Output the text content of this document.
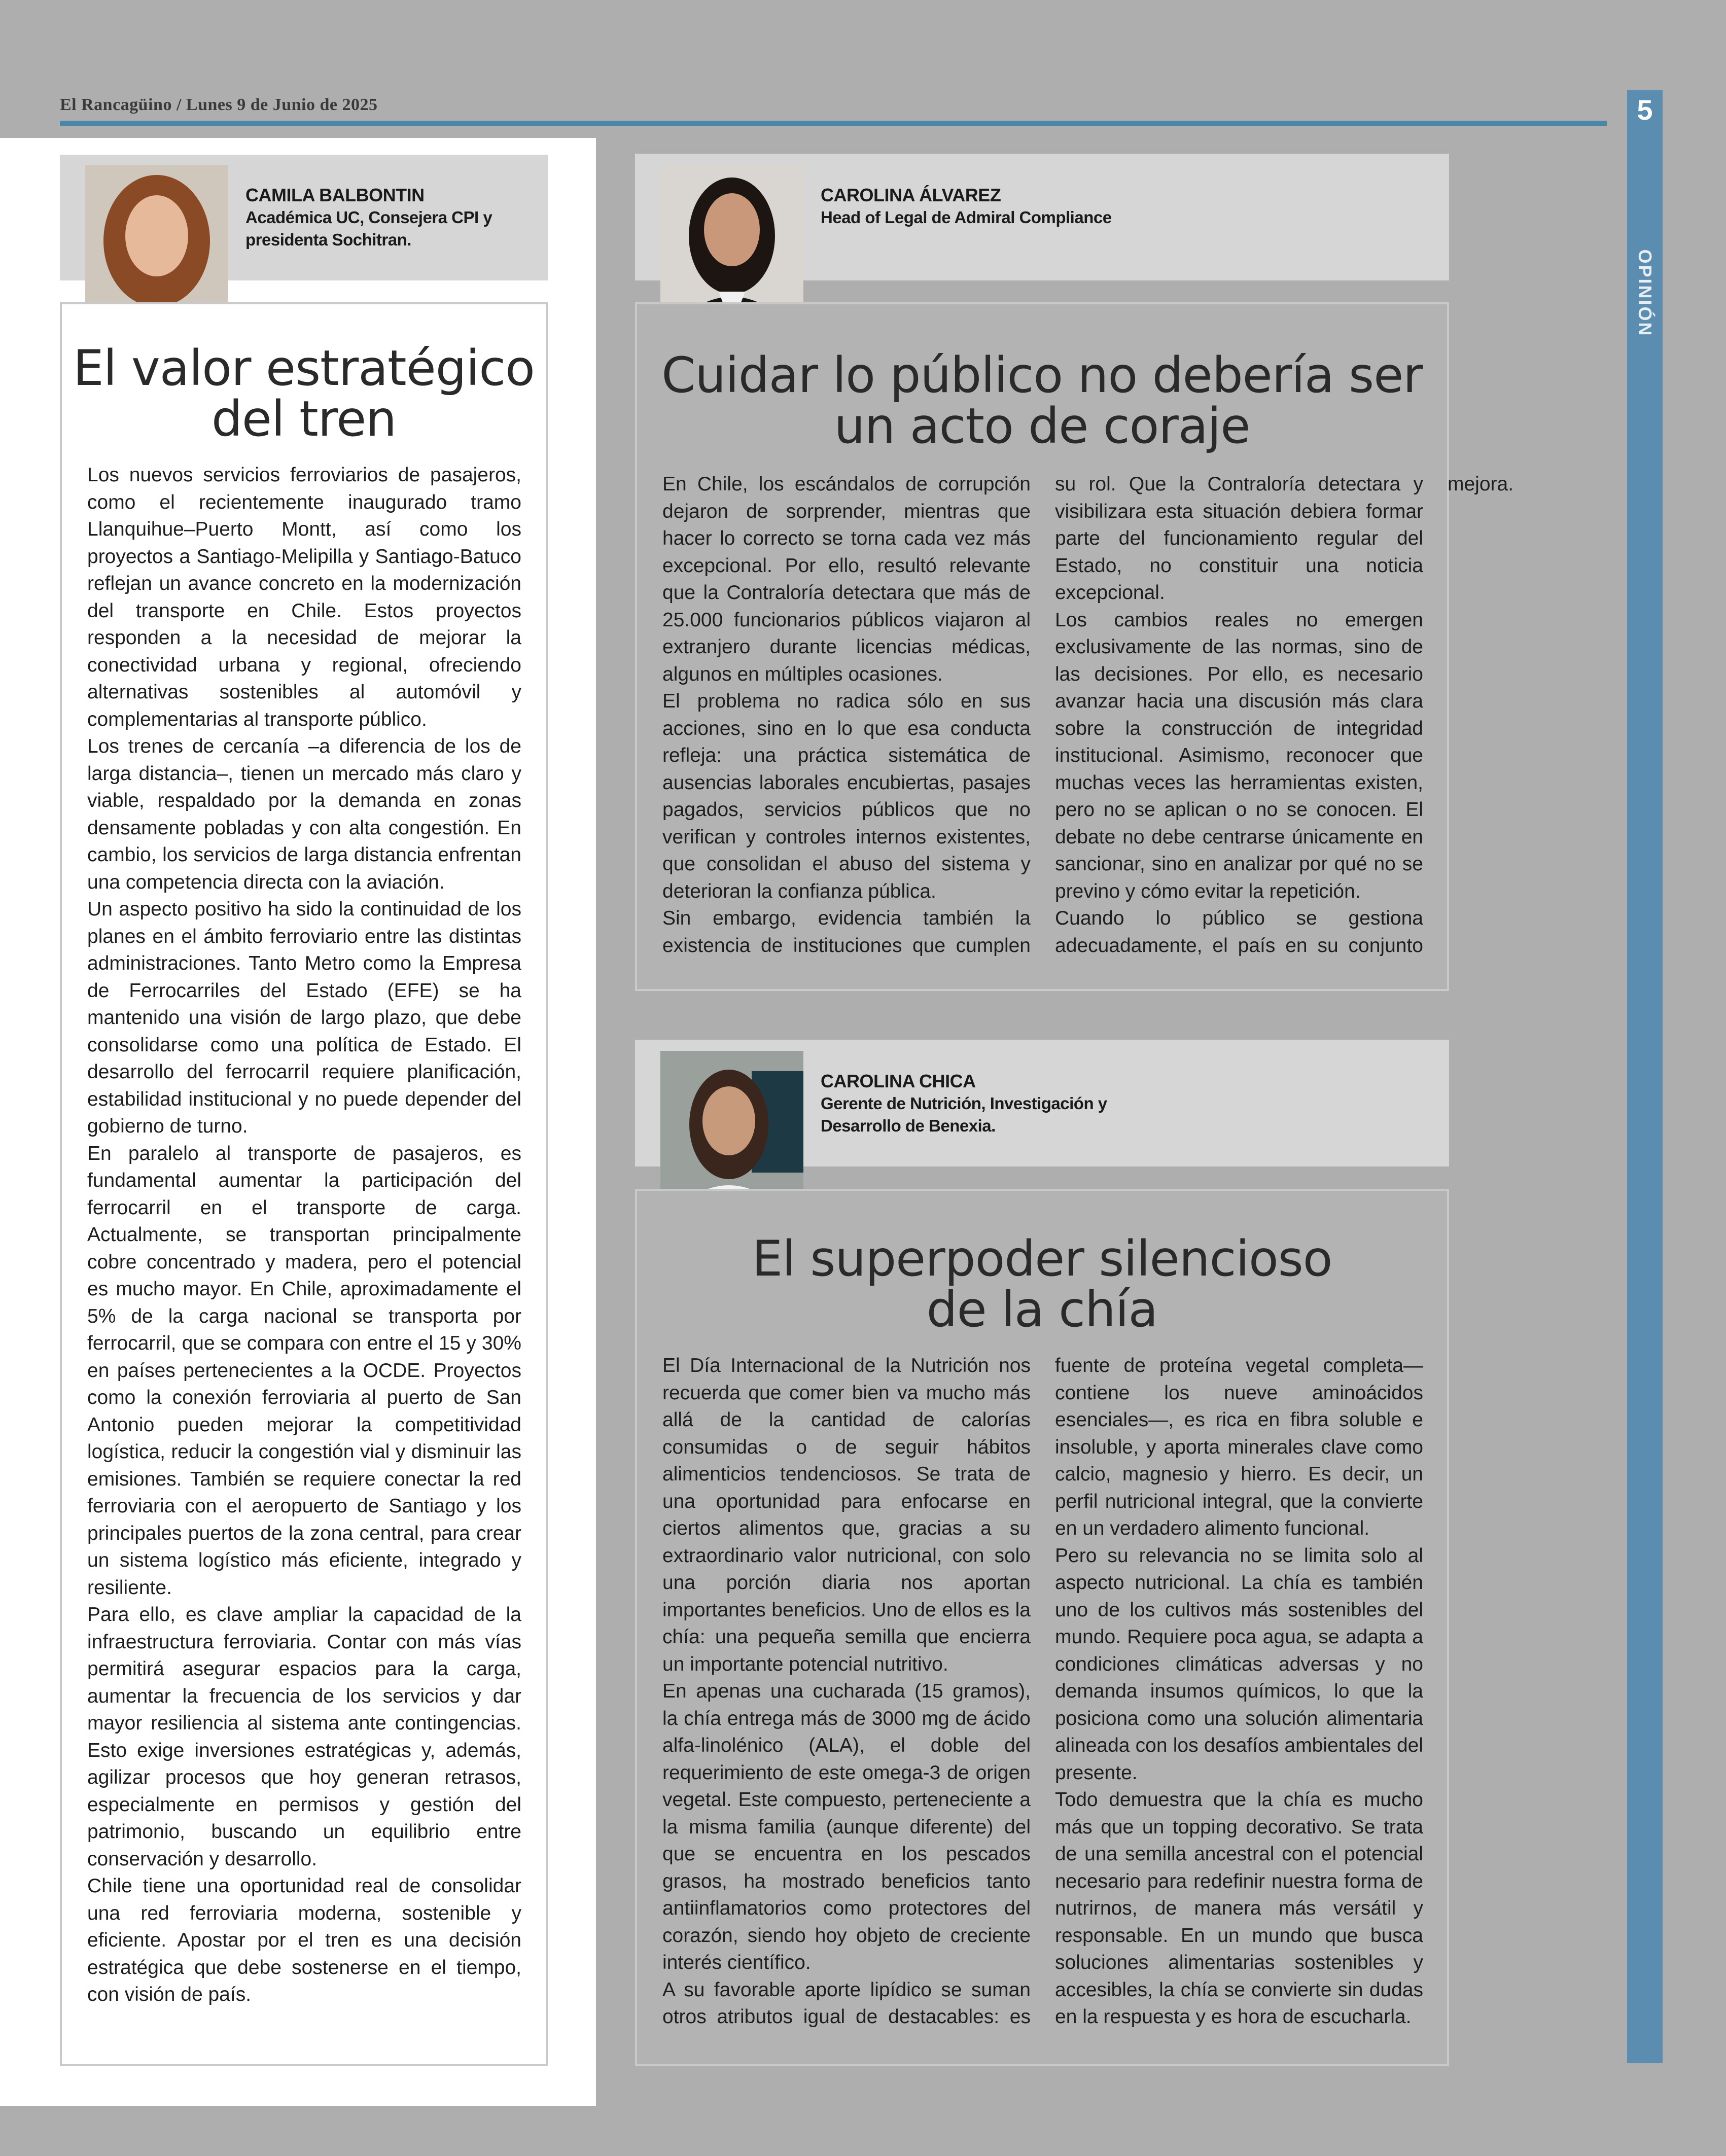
El Rancagüino / Lunes 9 de Junio de 2025	5
OPINIÓN
CAMILA BALBONTIN
Académica UC, Consejera CPI y
presidenta Sochitran.
El valor estratégico
del tren

Los nuevos servicios ferroviarios de pasajeros, como el recientemente inaugurado tramo Llanquihue–Puerto Montt, así como los proyectos a Santiago-Melipilla y Santiago-Batuco reflejan un avance concreto en la modernización del transporte en Chile. Estos proyectos responden a la necesidad de mejorar la conectividad urbana y regional, ofreciendo alternativas sostenibles al automóvil y complementarias al transporte público.

Los trenes de cercanía –a diferencia de los de larga distancia–, tienen un mercado más claro y viable, respaldado por la demanda en zonas densamente pobladas y con alta congestión. En cambio, los servicios de larga distancia enfrentan una competencia directa con la aviación.

Un aspecto positivo ha sido la continuidad de los planes en el ámbito ferroviario entre las distintas administraciones. Tanto Metro como la Empresa de Ferrocarriles del Estado (EFE) se ha mantenido una visión de largo plazo, que debe consolidarse como una política de Estado. El desarrollo del ferrocarril requiere planificación, estabilidad institucional y no puede depender del gobierno de turno.

En paralelo al transporte de pasajeros, es fundamental aumentar la participación del ferrocarril en el transporte de carga. Actualmente, se transportan principalmente cobre concentrado y madera, pero el potencial es mucho mayor. En Chile, aproximadamente el 5% de la carga nacional se transporta por ferrocarril, que se compara con entre el 15 y 30% en países pertenecientes a la OCDE. Proyectos como la conexión ferroviaria al puerto de San Antonio pueden mejorar la competitividad logística, reducir la congestión vial y disminuir las emisiones. También se requiere conectar la red ferroviaria con el aeropuerto de Santiago y los principales puertos de la zona central, para crear un sistema logístico más eficiente, integrado y resiliente.

Para ello, es clave ampliar la capacidad de la infraestructura ferroviaria. Contar con más vías permitirá asegurar espacios para la carga, aumentar la frecuencia de los servicios y dar mayor resiliencia al sistema ante contingencias. Esto exige inversiones estratégicas y, además, agilizar procesos que hoy generan retrasos, especialmente en permisos y gestión del patrimonio, buscando un equilibrio entre conservación y desarrollo.

Chile tiene una oportunidad real de consolidar una red ferroviaria moderna, sostenible y eficiente. Apostar por el tren es una decisión estratégica que debe sostenerse en el tiempo, con visión de país.

CAROLINA ÁLVAREZ
Head of Legal de Admiral Compliance
Cuidar lo público no debería ser
un acto de coraje

En Chile, los escándalos de corrupción dejaron de sorprender, mientras que hacer lo correcto se torna cada vez más excepcional. Por ello, resultó relevante que la Contraloría detectara que más de 25.000 funcionarios públicos viajaron al extranjero durante licencias médicas, algunos en múltiples ocasiones.

El problema no radica sólo en sus acciones, sino en lo que esa conducta refleja: una práctica sistemática de ausencias laborales encubiertas, pasajes pagados, servicios públicos que no verifican y controles internos existentes, que consolidan el abuso del sistema y deterioran la confianza pública.

Sin embargo, evidencia también la existencia de instituciones que cumplen su rol. Que la Contraloría detectara y visibilizara esta situación debiera formar parte del funcionamiento regular del Estado, no constituir una noticia excepcional.

Los cambios reales no emergen exclusivamente de las normas, sino de las decisiones. Por ello, es necesario avanzar hacia una discusión más clara sobre la construcción de integridad institucional. Asimismo, reconocer que muchas veces las herramientas existen, pero no se aplican o no se conocen. El debate no debe centrarse únicamente en sancionar, sino en analizar por qué no se previno y cómo evitar la repetición.

Cuando lo público se gestiona adecuadamente, el país en su conjunto mejora.

CAROLINA CHICA
Gerente de Nutrición, Investigación y
Desarrollo de Benexia.
El superpoder silencioso
de la chía

El Día Internacional de la Nutrición nos recuerda que comer bien va mucho más allá de la cantidad de calorías consumidas o de seguir hábitos alimenticios tendenciosos. Se trata de una oportunidad para enfocarse en ciertos alimentos que, gracias a su extraordinario valor nutricional, con solo una porción diaria nos aportan importantes beneficios. Uno de ellos es la chía: una pequeña semilla que encierra un importante potencial nutritivo.

En apenas una cucharada (15 gramos), la chía entrega más de 3000 mg de ácido alfa-linolénico (ALA), el doble del requerimiento de este omega-3 de origen vegetal. Este compuesto, perteneciente a la misma familia (aunque diferente) del que se encuentra en los pescados grasos, ha mostrado beneficios tanto antiinflamatorios como protectores del corazón, siendo hoy objeto de creciente interés científico.

A su favorable aporte lipídico se suman otros atributos igual de destacables: es fuente de proteína vegetal completa—contiene los nueve aminoácidos esenciales—, es rica en fibra soluble e insoluble, y aporta minerales clave como calcio, magnesio y hierro. Es decir, un perfil nutricional integral, que la convierte en un verdadero alimento funcional.

Pero su relevancia no se limita solo al aspecto nutricional. La chía es también uno de los cultivos más sostenibles del mundo. Requiere poca agua, se adapta a condiciones climáticas adversas y no demanda insumos químicos, lo que la posiciona como una solución alimentaria alineada con los desafíos ambientales del presente.

Todo demuestra que la chía es mucho más que un topping decorativo. Se trata de una semilla ancestral con el potencial necesario para redefinir nuestra forma de nutrirnos, de manera más versátil y responsable. En un mundo que busca soluciones alimentarias sostenibles y accesibles, la chía se convierte sin dudas en la respuesta y es hora de escucharla.
